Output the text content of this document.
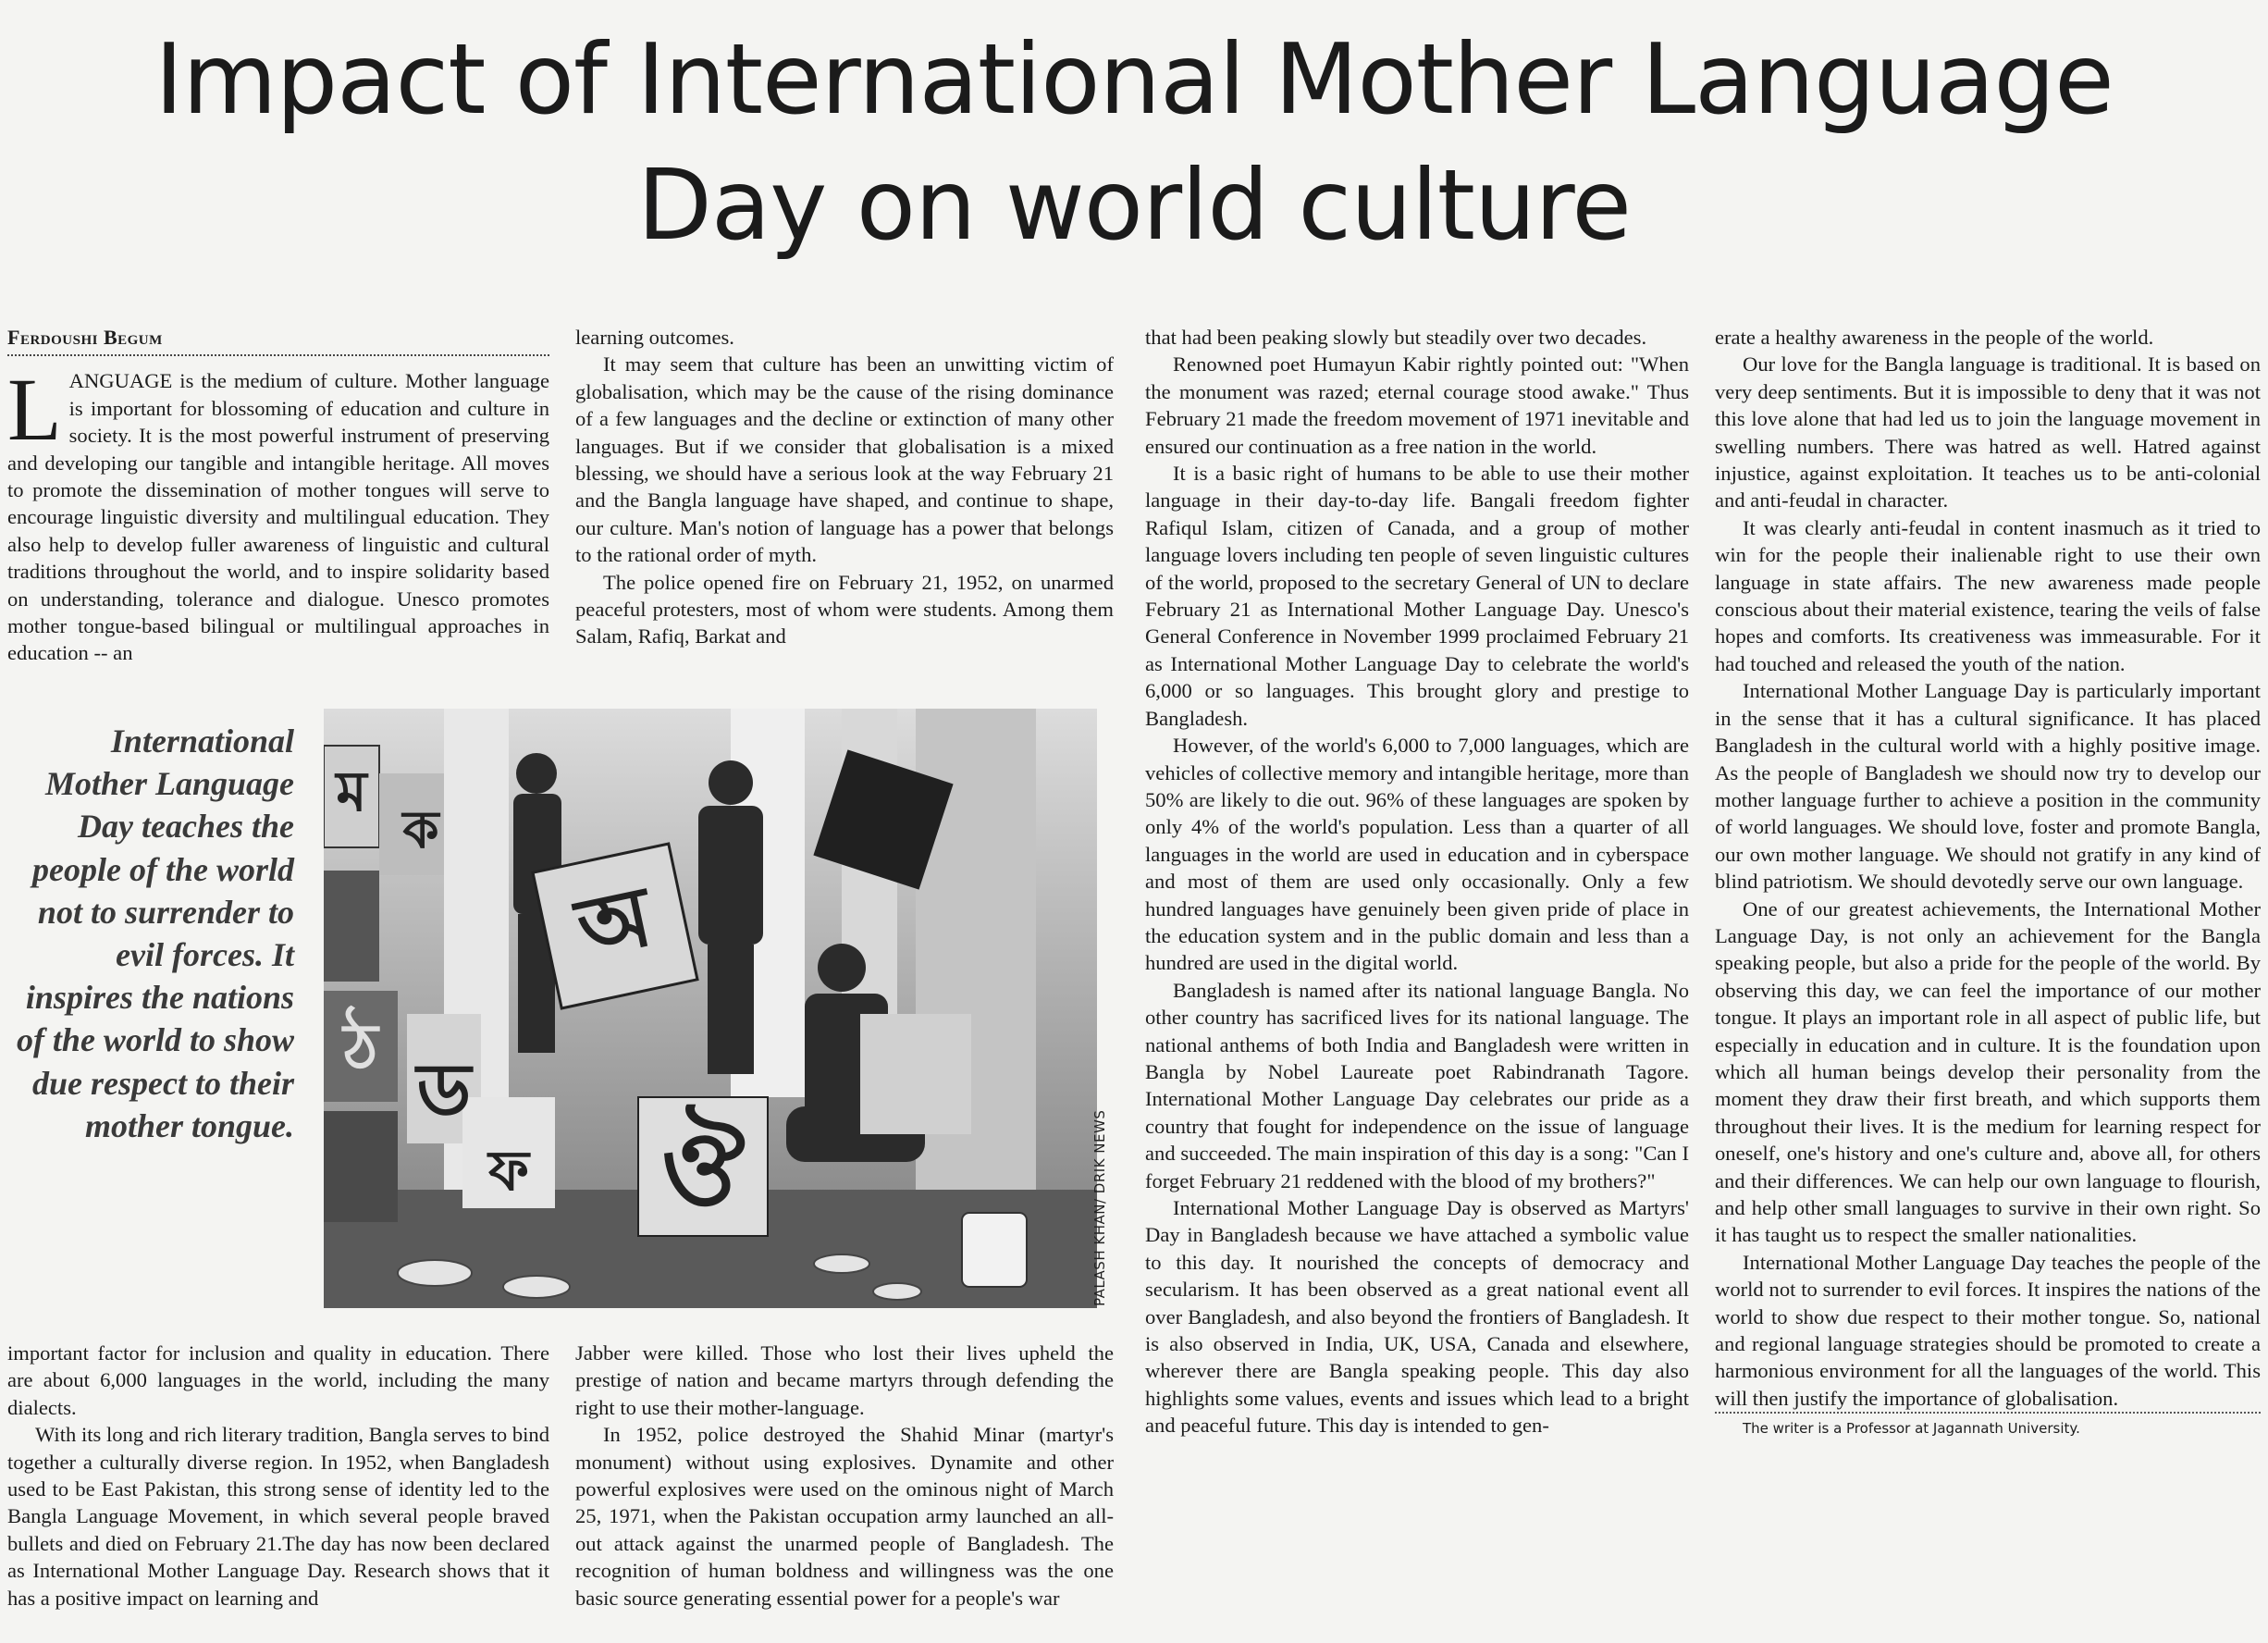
Impact of International Mother Language
Day on world culture
Ferdoushi Begum

LANGUAGE is the medium of culture. Mother language is important for blossoming of education and culture in society. It is the most powerful instrument of preserving and developing our tangible and intangible heritage. All moves to promote the dissemination of mother tongues will serve to encourage linguistic diversity and multilingual education. They also help to develop fuller awareness of linguistic and cultural traditions throughout the world, and to inspire solidarity based on understanding, tolerance and dialogue. Unesco promotes mother tongue-based bilingual or multilingual approaches in education -- an

learning outcomes.

It may seem that culture has been an unwitting victim of globalisation, which may be the cause of the rising dominance of a few languages and the decline or extinction of many other languages. But if we consider that globalisation is a mixed blessing, we should have a serious look at the way February 21 and the Bangla language have shaped, and continue to shape, our culture. Man's notion of language has a power that belongs to the rational order of myth.

The police opened fire on February 21, 1952, on unarmed peaceful protesters, most of whom were students. Among them Salam, Rafiq, Barkat and

International Mother Language Day teaches the people of the world not to surrender to evil forces. It inspires the nations of the world to show due respect to their mother tongue.
অ
ক
ঔ
ড
ঠ
ফ
ম
PALASH KHAN/ DRIK NEWS

important factor for inclusion and quality in education. There are about 6,000 languages in the world, including the many dialects.

With its long and rich literary tradition, Bangla serves to bind together a culturally diverse region. In 1952, when Bangladesh used to be East Pakistan, this strong sense of identity led to the Bangla Language Movement, in which several people braved bullets and died on February 21.The day has now been declared as International Mother Language Day. Research shows that it has a positive impact on learning and

Jabber were killed. Those who lost their lives upheld the prestige of nation and became martyrs through defending the right to use their mother-language.

In 1952, police destroyed the Shahid Minar (martyr's monument) without using explosives. Dynamite and other powerful explosives were used on the ominous night of March 25, 1971, when the Pakistan occupation army launched an all-out attack against the unarmed people of Bangladesh. The recognition of human boldness and willingness was the one basic source generating essential power for a people's war

that had been peaking slowly but steadily over two decades.

Renowned poet Humayun Kabir rightly pointed out: "When the monument was razed; eternal courage stood awake." Thus February 21 made the freedom movement of 1971 inevitable and ensured our continuation as a free nation in the world.

It is a basic right of humans to be able to use their mother language in their day-to-day life. Bangali freedom fighter Rafiqul Islam, citizen of Canada, and a group of mother language lovers including ten people of seven linguistic cultures of the world, proposed to the secretary General of UN to declare February 21 as International Mother Language Day. Unesco's General Conference in November 1999 proclaimed February 21 as International Mother Language Day to celebrate the world's 6,000 or so languages. This brought glory and prestige to Bangladesh.

However, of the world's 6,000 to 7,000 languages, which are vehicles of collective memory and intangible heritage, more than 50% are likely to die out. 96% of these languages are spoken by only 4% of the world's population. Less than a quarter of all languages in the world are used in education and in cyberspace and most of them are used only occasionally. Only a few hundred languages have genuinely been given pride of place in the education system and in the public domain and less than a hundred are used in the digital world.

Bangladesh is named after its national language Bangla. No other country has sacrificed lives for its national language. The national anthems of both India and Bangladesh were written in Bangla by Nobel Laureate poet Rabindranath Tagore. International Mother Language Day celebrates our pride as a country that fought for independence on the issue of language and succeeded. The main inspiration of this day is a song: "Can I forget February 21 reddened with the blood of my brothers?"

International Mother Language Day is observed as Martyrs' Day in Bangladesh because we have attached a symbolic value to this day. It nourished the concepts of democracy and secularism. It has been observed as a great national event all over Bangladesh, and also beyond the frontiers of Bangladesh. It is also observed in India, UK, USA, Canada and elsewhere, wherever there are Bangla speaking people. This day also highlights some values, events and issues which lead to a bright and peaceful future. This day is intended to gen-

erate a healthy awareness in the people of the world.

Our love for the Bangla language is traditional. It is based on very deep sentiments. But it is impossible to deny that it was not this love alone that had led us to join the language movement in swelling numbers. There was hatred as well. Hatred against injustice, against exploitation. It teaches us to be anti-colonial and anti-feudal in character.

It was clearly anti-feudal in content inasmuch as it tried to win for the people their inalienable right to use their own language in state affairs. The new awareness made people conscious about their material existence, tearing the veils of false hopes and comforts. Its creativeness was immeasurable. For it had touched and released the youth of the nation.

International Mother Language Day is particularly important in the sense that it has a cultural significance. It has placed Bangladesh in the cultural world with a highly positive image. As the people of Bangladesh we should now try to develop our mother language further to achieve a position in the community of world languages. We should love, foster and promote Bangla, our own mother language. We should not gratify in any kind of blind patriotism. We should devotedly serve our own language.

One of our greatest achievements, the International Mother Language Day, is not only an achievement for the Bangla speaking people, but also a pride for the people of the world. By observing this day, we can feel the importance of our mother tongue. It plays an important role in all aspect of public life, but especially in education and in culture. It is the foundation upon which all human beings develop their personality from the moment they draw their first breath, and which supports them throughout their lives. It is the medium for learning respect for oneself, one's history and one's culture and, above all, for others and their differences. We can help our own language to flourish, and help other small languages to survive in their own right. So it has taught us to respect the smaller nationalities.

International Mother Language Day teaches the people of the world not to surrender to evil forces. It inspires the nations of the world to show due respect to their mother tongue. So, national and regional language strategies should be promoted to create a harmonious environment for all the languages of the world. This will then justify the importance of globalisation.

The writer is a Professor at Jagannath University.
